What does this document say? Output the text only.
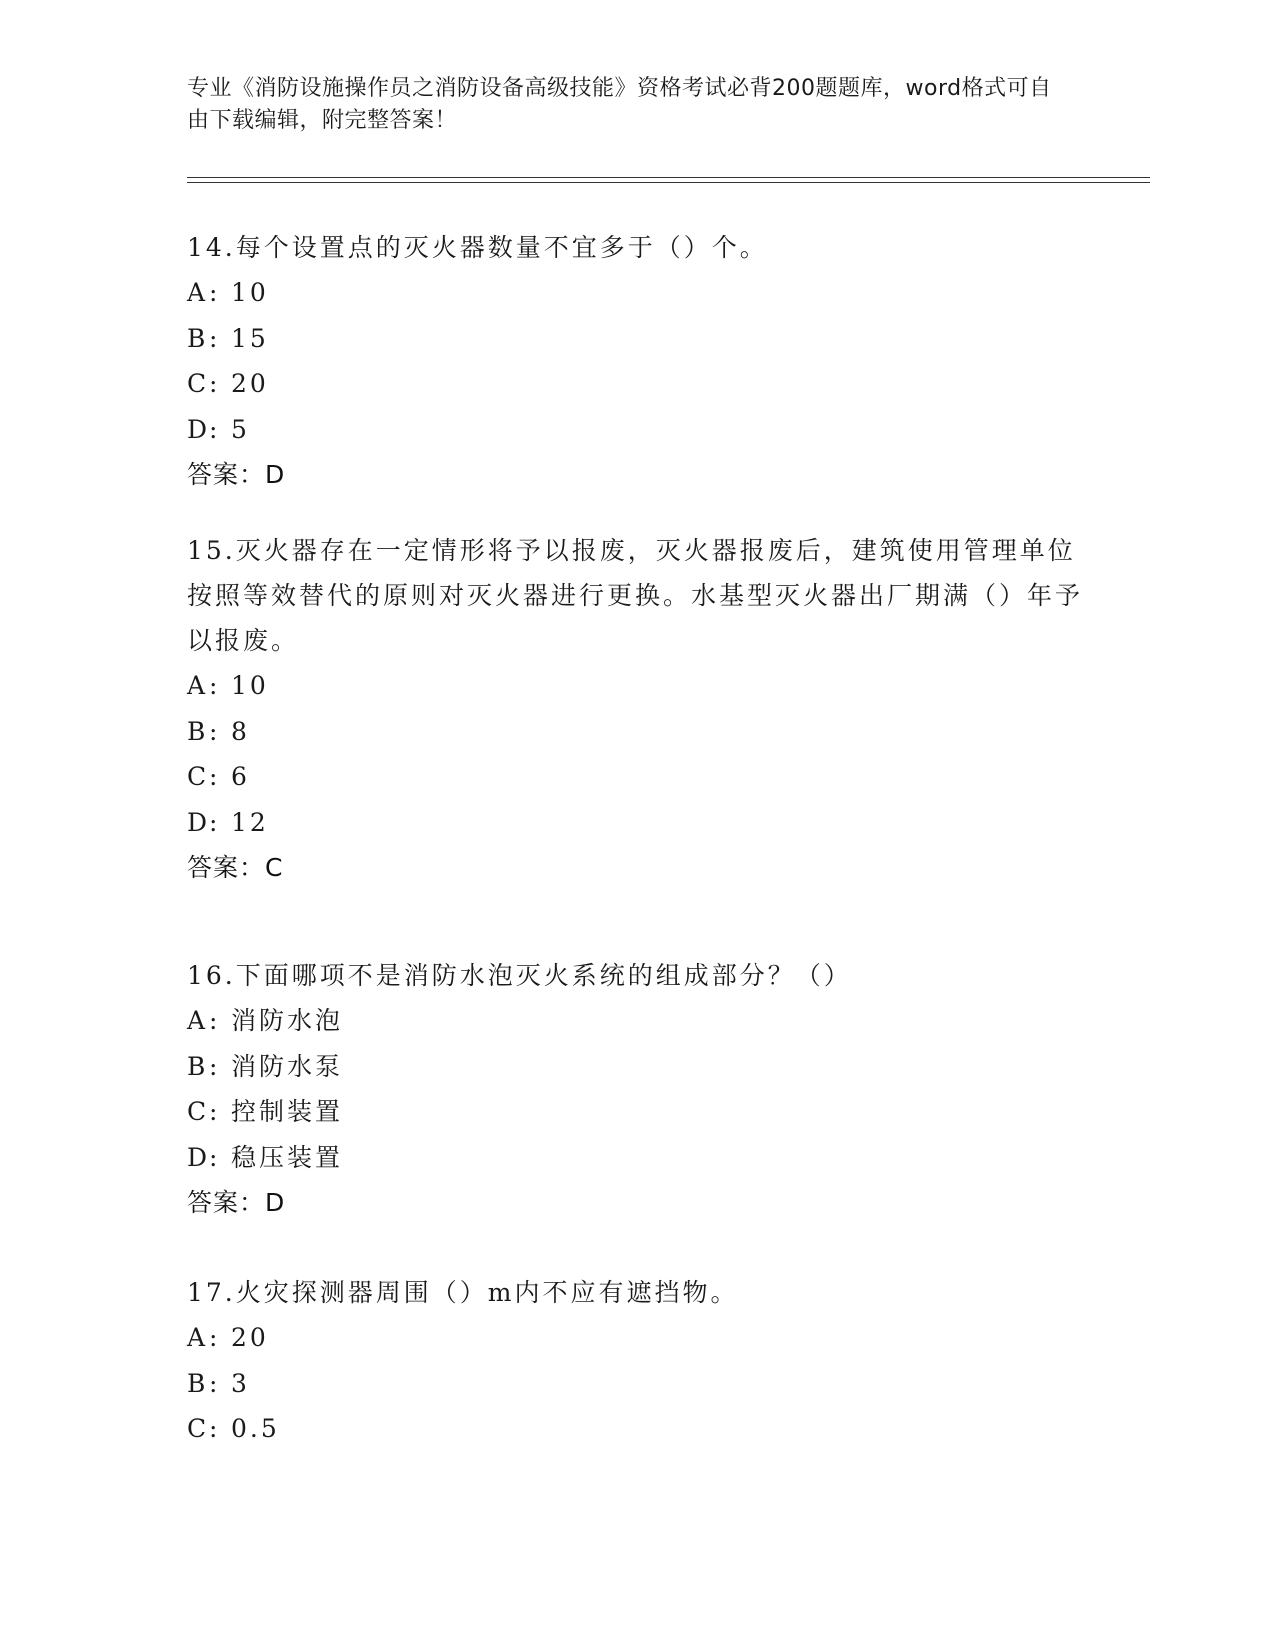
专业《消防设施操作员之消防设备高级技能》资格考试必背200题题库，word格式可自由下载编辑，附完整答案！

14.每个设置点的灭火器数量不宜多于（）个。

A : 10
B : 15
C : 20
D: 5
答案：D

15.灭火器存在一定情形将予以报废，灭火器报废后，建筑使用管理单位按照等效替代的原则对灭火器进行更换。水基型灭火器出厂期满（）年予以报废。

A : 10
B : 8
C : 6
D: 12
答案：C

16.下面哪项不是消防水泡灭火系统的组成部分？（）

A : 消防水泡
B : 消防水泵
C : 控制装置
D: 稳压装置
答案：D

17.火灾探测器周围（）m内不应有遮挡物。

A : 20
B : 3
C : 0.5
